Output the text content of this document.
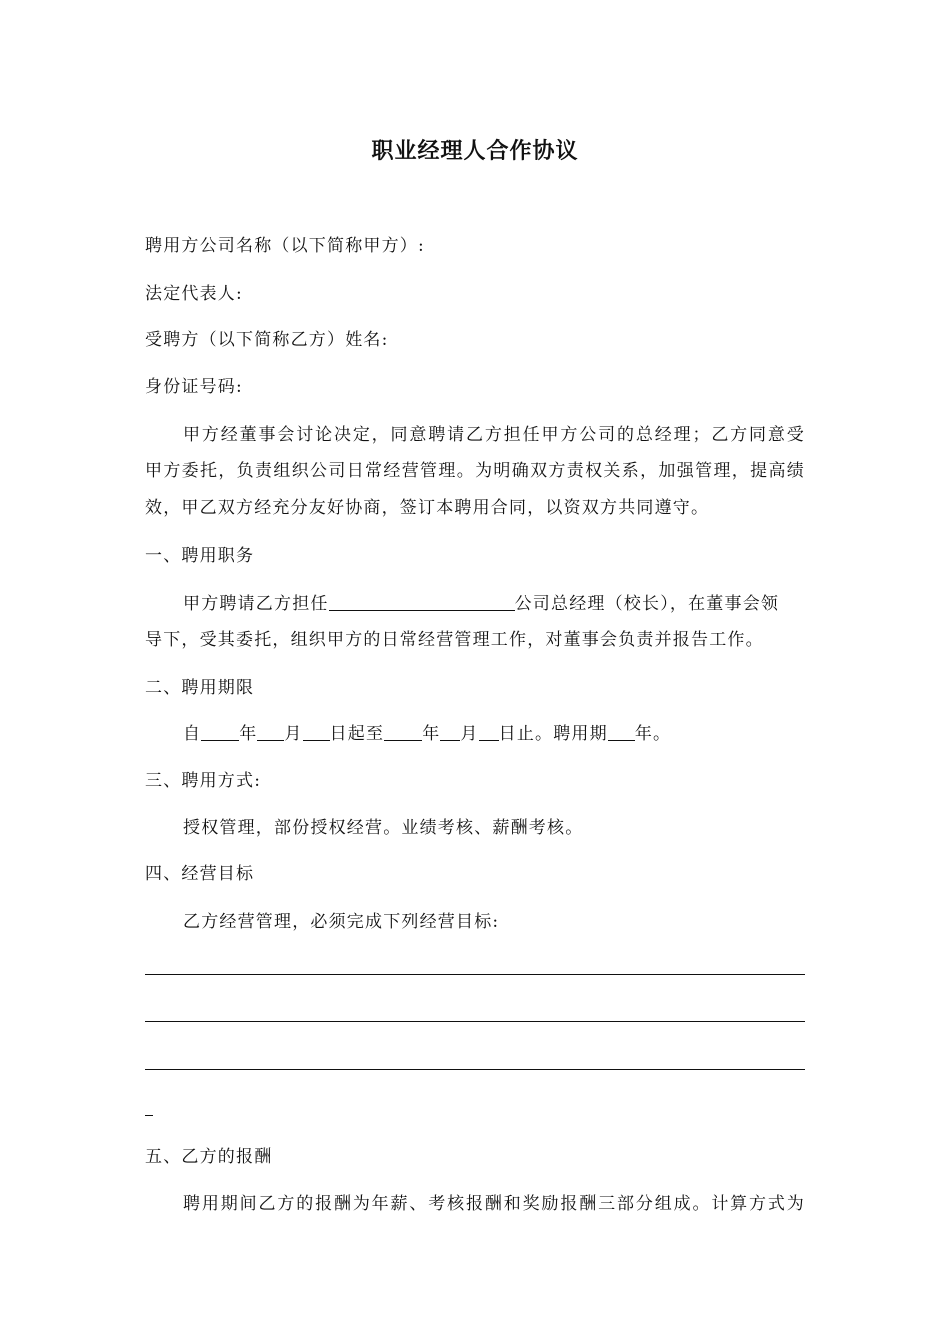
职业经理人合作协议
聘用方公司名称（以下简称甲方）:
法定代表人:
受聘方（以下简称乙方）姓名:
身份证号码:
甲方经董事会讨论决定，同意聘请乙方担任甲方公司的总经理；乙方同意受
甲方委托，负责组织公司日常经营管理。为明确双方责权关系，加强管理，提高绩
效，甲乙双方经充分友好协商，签订本聘用合同，以资双方共同遵守。
一、聘用职务
甲方聘请乙方担任	公司总经理（校长），在董事会领
导下，受其委托，组织甲方的日常经营管理工作，对董事会负责并报告工作。
二、聘用期限
自 年 月 日起至 年 月 日止。聘用期 年。
三、聘用方式:
授权管理，部份授权经营。业绩考核、薪酬考核。
四、经营目标
乙方经营管理，必须完成下列经营目标:
五、乙方的报酬
聘用期间乙方的报酬为年薪、考核报酬和奖励报酬三部分组成。计算方式为
